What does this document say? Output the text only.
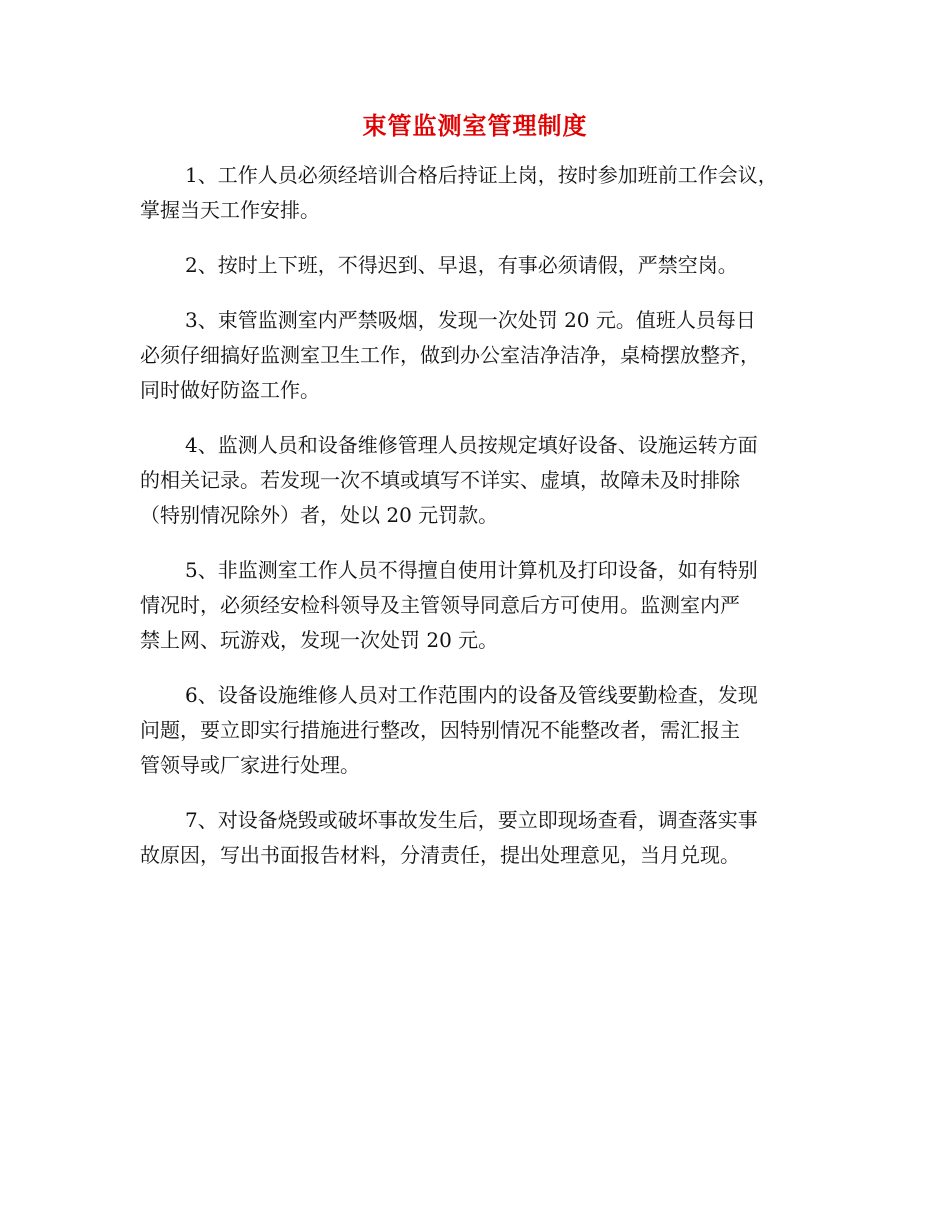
束管监测室管理制度

1、工作人员必须经培训合格后持证上岗，按时参加班前工作会议，
掌握当天工作安排。

2、按时上下班，不得迟到、早退，有事必须请假，严禁空岗。

3、束管监测室内严禁吸烟，发现一次处罚 20 元。值班人员每日
必须仔细搞好监测室卫生工作，做到办公室洁净洁净，桌椅摆放整齐，
同时做好防盗工作。

4、监测人员和设备维修管理人员按规定填好设备、设施运转方面
的相关记录。若发现一次不填或填写不详实、虚填，故障未及时排除
（特别情况除外）者，处以 20 元罚款。

5、非监测室工作人员不得擅自使用计算机及打印设备，如有特别
情况时，必须经安检科领导及主管领导同意后方可使用。监测室内严
禁上网、玩游戏，发现一次处罚 20 元。

6、设备设施维修人员对工作范围内的设备及管线要勤检查，发现
问题，要立即实行措施进行整改，因特别情况不能整改者，需汇报主
管领导或厂家进行处理。

7、对设备烧毁或破坏事故发生后，要立即现场查看，调查落实事
故原因，写出书面报告材料，分清责任，提出处理意见，当月兑现。
